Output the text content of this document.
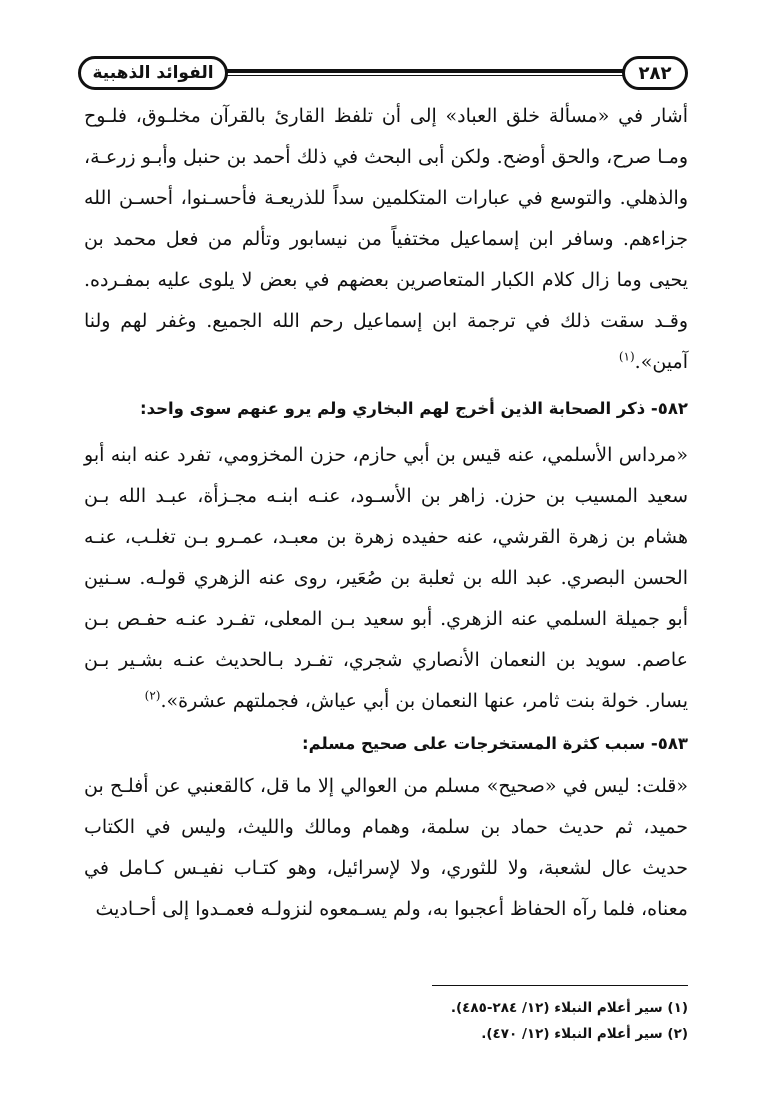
الفوائد الذهبية	٢٨٢

أشار في «مسألة خلق العباد» إلى أن تلفظ القارئ بالقرآن مخلـوق، فلـوح ومـا صرح، والحق أوضح. ولكن أبى البحث في ذلك أحمد بن حنبل وأبـو زرعـة، والذهلي. والتوسع في عبارات المتكلمين سداً للذريعـة فأحسـنوا، أحسـن الله جزاءهم. وسافر ابن إسماعيل مختفياً من نيسابور وتألم من فعل محمد بن يحيى وما زال كلام الكبار المتعاصرين بعضهم في بعض لا يلوى عليه بمفـرده. وقـد سقت ذلك في ترجمة ابن إسماعيل رحم الله الجميع. وغفر لهم ولنا آمين».$^{(١)}$

٥٨٢- ذكر الصحابة الذين أخرج لهم البخاري ولم يرو عنهم سوى واحد:

«مرداس الأسلمي، عنه قيس بن أبي حازم، حزن المخزومي، تفرد عنه ابنه أبو سعيد المسيب بن حزن. زاهر بن الأسـود، عنـه ابنـه مجـزأة، عبـد الله بـن هشام بن زهرة القرشي، عنه حفيده زهرة بن معبـد، عمـرو بـن تغلـب، عنـه الحسن البصري. عبد الله بن ثعلبة بن صُعَير، روى عنه الزهري قولـه. سـنين أبو جميلة السلمي عنه الزهري. أبو سعيد بـن المعلى، تفـرد عنـه حفـص بـن عاصم. سويد بن النعمان الأنصاري شجري، تفـرد بـالحديث عنـه بشـير بـن يسار. خولة بنت ثامر، عنها النعمان بن أبي عياش، فجملتهم عشرة».$^{(٢)}$

٥٨٣- سبب كثرة المستخرجات على صحيح مسلم:

«قلت: ليس في «صحيح» مسلم من العوالي إلا ما قل، كالقعنبي عن أفلـح بن حميد، ثم حديث حماد بن سلمة، وهمام ومالك والليث، وليس في الكتاب حديث عال لشعبة، ولا للثوري، ولا لإسرائيل، وهو كتـاب نفيـس كـامل في معناه، فلما رآه الحفاظ أعجبوا به، ولم يسـمعوه لنزولـه فعمـدوا إلى أحـاديث

(١) سير أعلام النبلاء (١٢/ ٢٨٤-٤٨٥).

(٢) سير أعلام النبلاء (١٢/ ٤٧٠).
